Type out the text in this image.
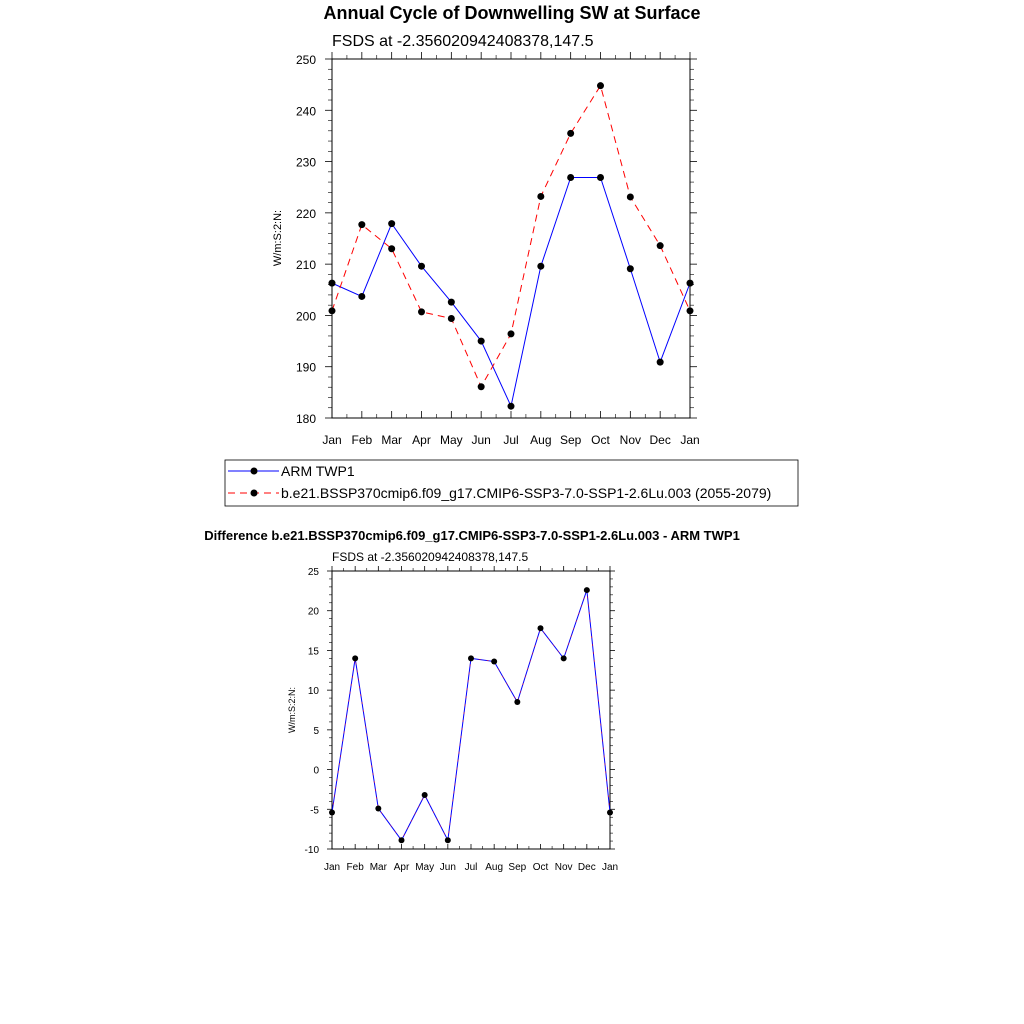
Annual Cycle of Downwelling SW at Surface
FSDS at -2.356020942408378,147.5
W/m:S:2:N:
Jan Feb Mar Apr May Jun Jul Aug Sep Oct Nov Dec Jan
180
190
200
210
220
230
240
250
ARM TWP1
b.e21.BSSP370cmip6.f09_g17.CMIP6-SSP3-7.0-SSP1-2.6Lu.003 (2055-2079)
Difference b.e21.BSSP370cmip6.f09_g17.CMIP6-SSP3-7.0-SSP1-2.6Lu.003 - ARM TWP1
FSDS at -2.356020942408378,147.5
W/m:S:2:N:
Jan Feb Mar Apr May Jun Jul Aug Sep Oct Nov Dec Jan
-10
-5
0
5
10
15
20
25
